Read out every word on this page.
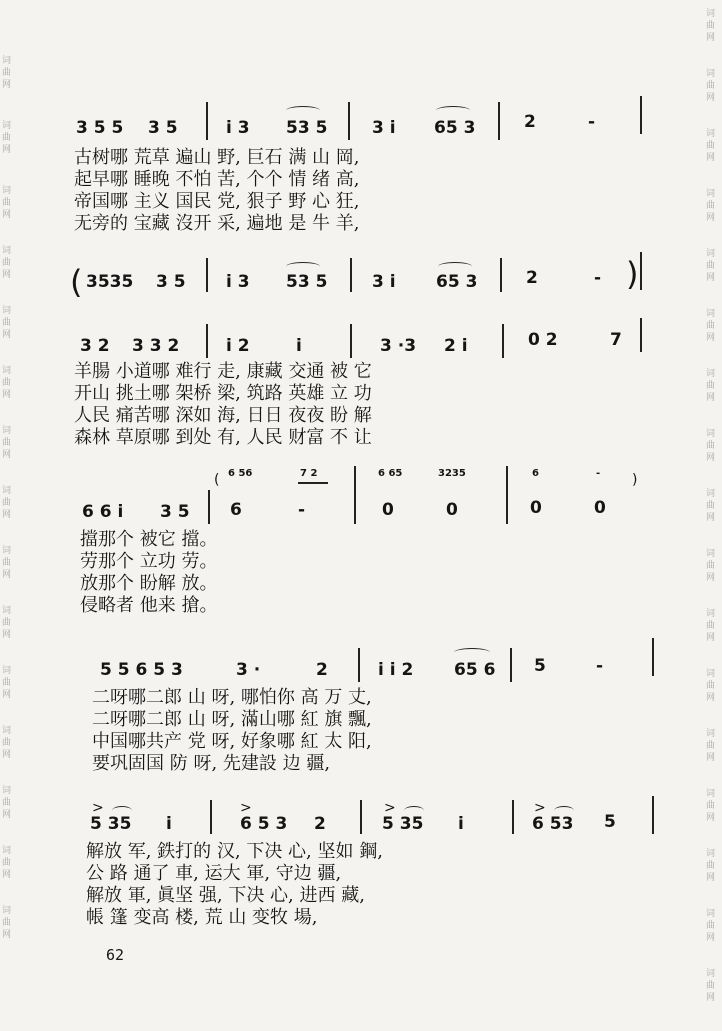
词
曲
网
词
曲
网
词
曲
网
词
曲
网
词
曲
网
词
曲
网
词
曲
网
词
曲
网
词
曲
网
词
曲
网
词
曲
网
词
曲
网
词
曲
网
词
曲
网
词
曲
网
词
曲
网
词
曲
网
词
曲
网
词
曲
网
词
曲
网
词
曲
网
词
曲
网
词
曲
网
词
曲
网
词
曲
网
词
曲
网
词
曲
网
词
曲
网
词
曲
网
词
曲
网
词
曲
网
词
曲
网
3 5 5 3 5	i 3 53 5	3 i 65 3	2	-
古树哪 荒草 遍山 野, 巨石 满 山 岡,
起早哪 睡晚 不怕 苦, 个个 情 绪 高,
帝国哪 主义 国民 党, 狠子 野 心 狂,
无旁的 宝藏 沒开 采, 遍地 是 牛 羊,
( 3535 3 5 i 3 53 5	3 i 65 3	2	- )
3 2 3 3 2	i 2	i	3 ·3 2 i	0 2	7
羊腸 小道哪 难行 走, 康藏 交通 被 它
开山 挑土哪 架桥 梁, 筑路 英雄 立 功
人民 痛苦哪 深如 海, 日日 夜夜 盼 解
森林 草原哪 到处 有, 人民 财富 不 让
( 6 56	7 2	6 65	3235	6	- )
6 6 i 3 5 6	-	0	0	0	0
擋那个 被它 擋。
劳那个 立功 劳。
放那个 盼解 放。
侵略者 他来 搶。
5 5 6 5 3	3 ·	2	i i 2 65 6 5	-
二呀哪二郎 山 呀, 哪怕你 高 万 丈,
二呀哪二郎 山 呀, 滿山哪 紅 旗 飄,
中国哪共产 党 呀, 好象哪 紅 太 阳,
要巩固国 防 呀, 先建設 边 疆,
>	>	>	>
5 35 i	6 5 3 2	5 35 i	6 53 5
解放 军, 鉄打的 汉, 下决 心, 坚如 鋼,
公 路 通了 車, 运大 軍, 守边 疆,
解放 軍, 眞坚 强, 下决 心, 进西 藏,
帳 篷 变高 楼, 荒 山 变牧 場,
62
